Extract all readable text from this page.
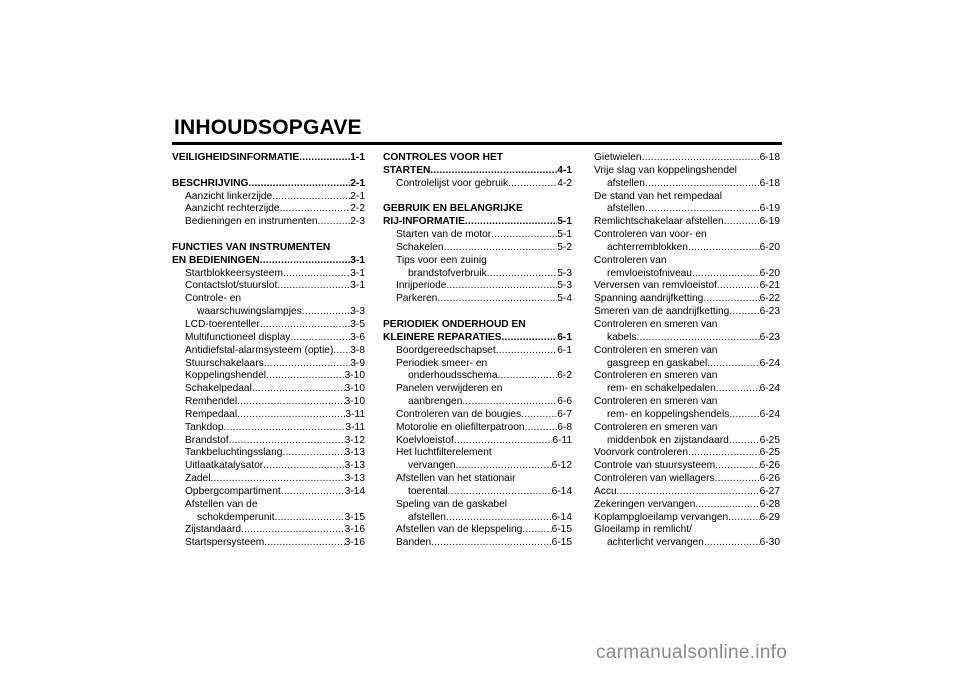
INHOUDSOPGAVE
VEILIGHEIDSINFORMATIE .....	1-1
BESCHRIJVING .....	2-1
Aanzicht linkerzijde .....	2-1
Aanzicht rechterzijde .....	2-2
Bedieningen en instrumenten .....	2-3
FUNCTIES VAN INSTRUMENTEN
EN BEDIENINGEN .....	3-1
Startblokkeersysteem .....	3-1
Contactslot/stuurslot .....	3-1
Controle- en
waarschuwingslampjes .....	3-3
LCD-toerenteller .....	3-5
Multifunctioneel display .....	3-6
Antidiefstal-alarmsysteem (optie) ..... 3-8
Stuurschakelaars .....	3-9
Koppelingshendel .....	3-10
Schakelpedaal .....	3-10
Remhendel .....	3-10
Rempedaal .....	3-11
Tankdop .....	3-11
Brandstof .....	3-12
Tankbeluchtingsslang .....	3-13
Uitlaatkatalysator .....	3-13
Zadel .....	3-13
Opbergcompartiment .....	3-14
Afstellen van de
schokdemperunit .....	3-15
Zijstandaard .....	3-16
Startspersysteem .....	3-16
CONTROLES VOOR HET
STARTEN .....	4-1
Controlelijst voor gebruik .....	4-2
GEBRUIK EN BELANGRIJKE
RIJ-INFORMATIE .....	5-1
Starten van de motor .....	5-1
Schakelen .....	5-2
Tips voor een zuinig
brandstofverbruik .....	5-3
Inrijperiode .....	5-3
Parkeren .....	5-4
PERIODIEK ONDERHOUD EN
KLEINERE REPARATIES .....	6-1
Boordgereedschapset .....	6-1
Periodiek smeer- en
onderhoudsschema .....	6-2
Panelen verwijderen en
aanbrengen .....	6-6
Controleren van de bougies .....	6-7
Motorolie en oliefilterpatroon .....	6-8
Koelvloeistof .....	6-11
Het luchtfilterelement
vervangen .....	6-12
Afstellen van het stationair
toerental .....	6-14
Speling van de gaskabel
afstellen .....	6-14
Afstellen van de klepspeling .....	6-15
Banden .....	6-15
Gietwielen .....	6-18
Vrije slag van koppelingshendel
afstellen .....	6-18
De stand van het rempedaal
afstellen .....	6-19
Remlichtschakelaar afstellen .....	6-19
Controleren van voor- en
achterremblokken .....	6-20
Controleren van
remvloeistofniveau .....	6-20
Verversen van remvloeistof .....	6-21
Spanning aandrijfketting .....	6-22
Smeren van de aandrijfketting .....	6-23
Controleren en smeren van
kabels .....	6-23
Controleren en smeren van
gasgreep en gaskabel .....	6-24
Controleren en smeren van
rem- en schakelpedalen .....	6-24
Controleren en smeren van
rem- en koppelingshendels .....	6-24
Controleren en smeren van
middenbok en zijstandaard .....	6-25
Voorvork controleren .....	6-25
Controle van stuursysteem .....	6-26
Controleren van wiellagers .....	6-26
Accu .....	6-27
Zekeringen vervangen .....	6-28
Koplampgloeilamp vervangen .....	6-29
Gloeilamp in remlicht/
achterlicht vervangen .....	6-30
carmanualsonline.info
